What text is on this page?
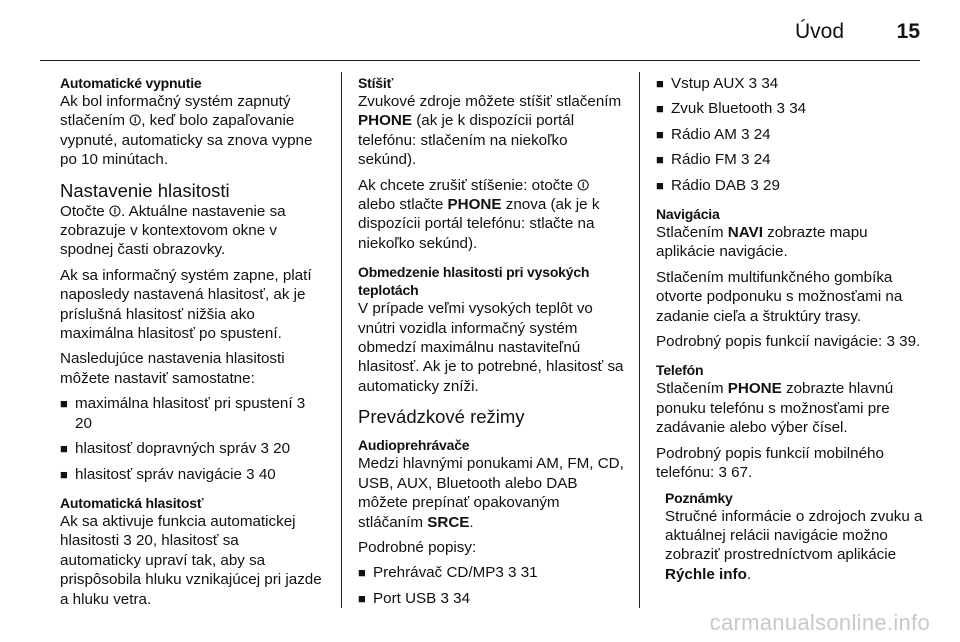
Úvod	15
Automatické vypnutie

Ak bol informačný systém zapnutý stlačením ⏼, keď bolo zapaľovanie vypnuté, automaticky sa znova vypne po 10 minútach.

Nastavenie hlasitosti

Otočte ⏼. Aktuálne nastavenie sa zobrazuje v kontextovom okne v spodnej časti obrazovky.

Ak sa informačný systém zapne, platí naposledy nastavená hlasitosť, ak je príslušná hlasitosť nižšia ako maximálna hlasitosť po spustení.

Nasledujúce nastavenia hlasitosti môžete nastaviť samostatne:

■ maximálna hlasitosť pri spustení 3 20
■ hlasitosť dopravných správ 3 20
■ hlasitosť správ navigácie 3 40
Automatická hlasitosť

Ak sa aktivuje funkcia automatickej hlasitosti 3 20, hlasitosť sa automaticky upraví tak, aby sa prispôsobila hluku vznikajúcej pri jazde a hluku vetra.

Stíšiť

Zvukové zdroje môžete stíšiť stlačením PHONE (ak je k dispozícii portál telefónu: stlačením na niekoľko sekúnd).

Ak chcete zrušiť stíšenie: otočte ⏼ alebo stlačte PHONE znova (ak je k dispozícii portál telefónu: stlačte na niekoľko sekúnd).

Obmedzenie hlasitosti pri vysokých teplotách

V prípade veľmi vysokých teplôt vo vnútri vozidla informačný systém obmedzí maximálnu nastaviteľnú hlasitosť. Ak je to potrebné, hlasitosť sa automaticky zníži.

Prevádzkové režimy
Audioprehrávače

Medzi hlavnými ponukami AM, FM, CD, USB, AUX, Bluetooth alebo DAB môžete prepínať opakovaným stláčaním SRCE.

Podrobné popisy:

■ Prehrávač CD/MP3 3 31
■ Port USB 3 34
■ Vstup AUX 3 34
■ Zvuk Bluetooth 3 34
■ Rádio AM 3 24
■ Rádio FM 3 24
■ Rádio DAB 3 29
Navigácia

Stlačením NAVI zobrazte mapu aplikácie navigácie.

Stlačením multifunkčného gombíka otvorte podponuku s možnosťami na zadanie cieľa a štruktúry trasy.

Podrobný popis funkcií navigácie: 3 39.

Telefón

Stlačením PHONE zobrazte hlavnú ponuku telefónu s možnosťami pre zadávanie alebo výber čísel.

Podrobný popis funkcií mobilného telefónu: 3 67.

Poznámky

Stručné informácie o zdrojoch zvuku a aktuálnej relácii navigácie možno zobraziť prostredníctvom aplikácie Rýchle info.

carmanualsonline.info
